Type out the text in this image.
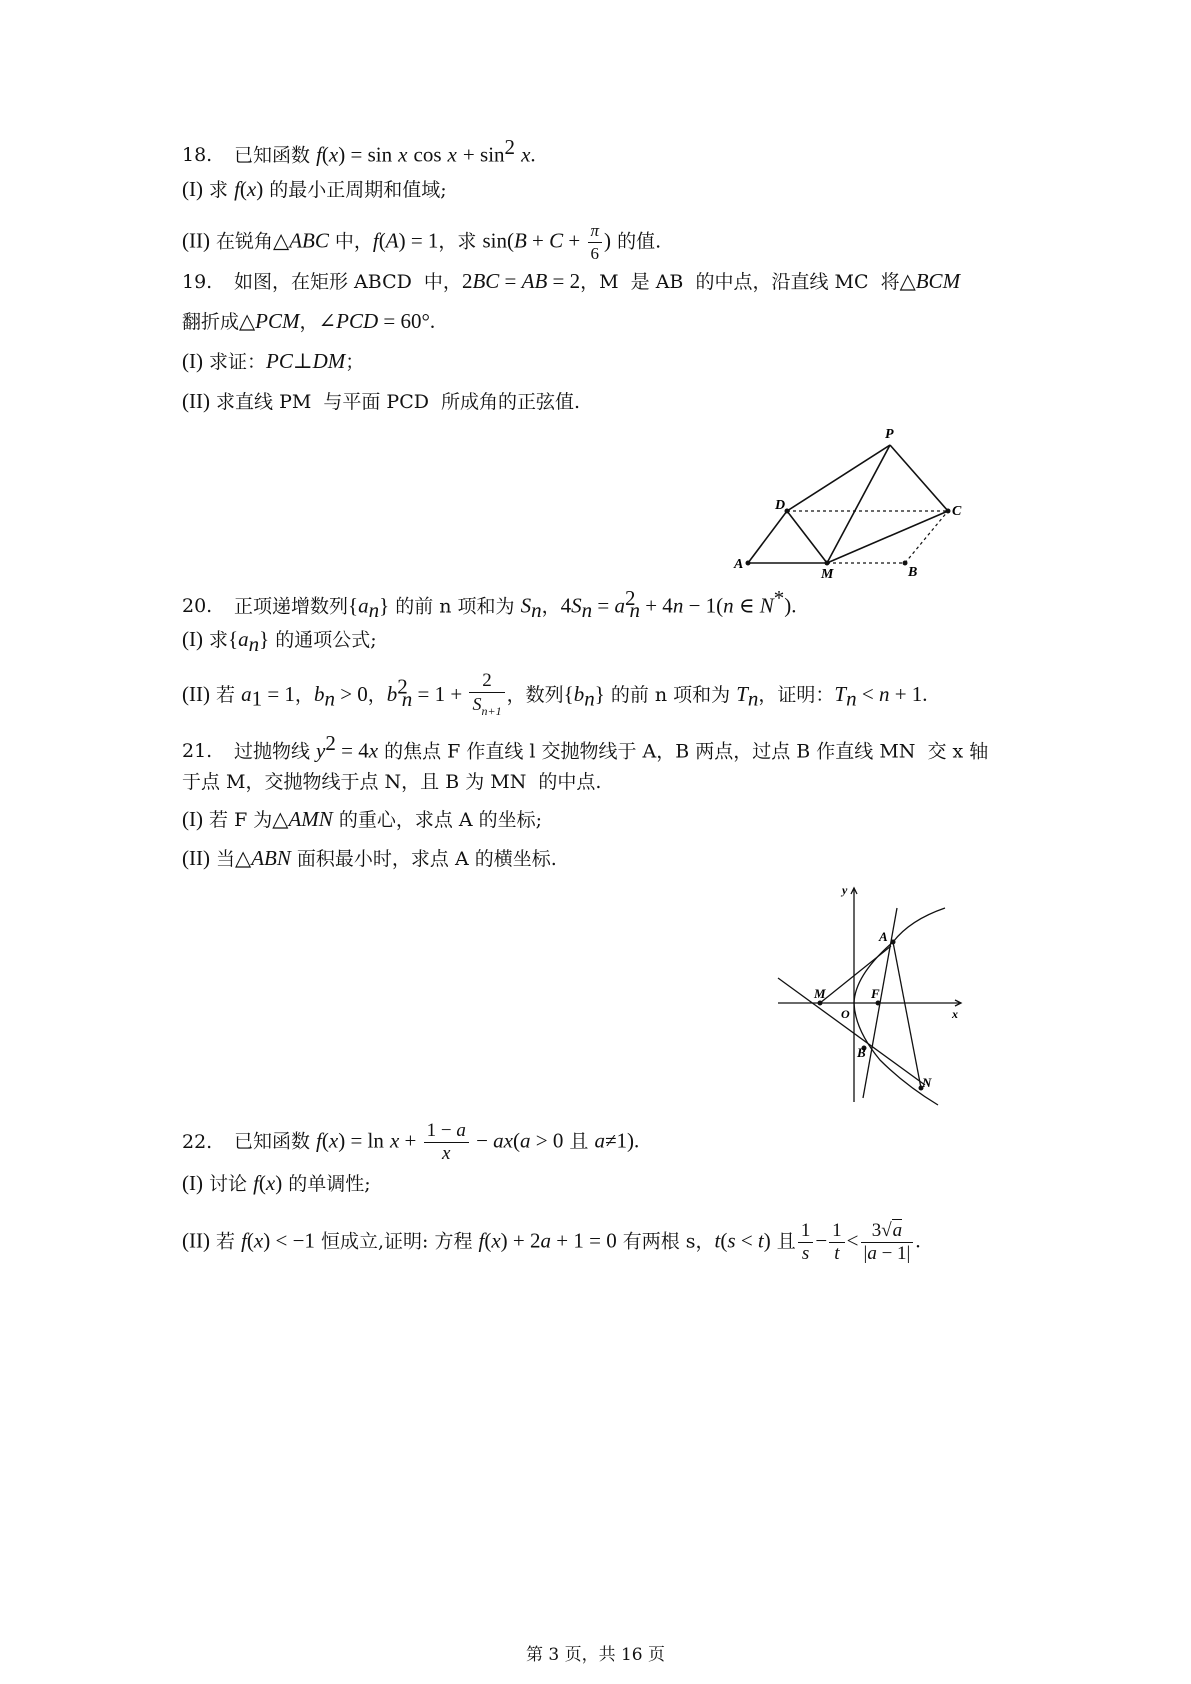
18. 已知函数 f(x) = sin x $\cos x + \sin^2 x$.
(I) 求 f(x) 的最小正周期和值域;
(II) 在锐角△ABC 中，f(A) = 1，求 $\sin(B + C + \frac{\pi}{6}$ ) 的值.
19. 如图，在矩形 ABCD  中，2BC = AB = 2，M  是 AB  的中点，沿直线 MC  将△BCM
翻折成△PCM，∠PCD = 60°.
(I) 求证：PC⊥DM；
(II) 求直线 PM  与平面 PCD  所成角的正弦值.
P
D	C
A
M	B
20. 正项递增数列$\{a_n\}$ 的前 n 项和为 $S_n$，$4S_n = a^2_n + 4n - 1(n$ ∈ N*).
(I) 求$\{a_n\}$ 的通项公式;
(II) 若 $a_1 = 1$，$b_n > 0$，$b^2_n = 1 + \frac{2}{S_{n+1}}$ ，数列$\{b_n\}$ 的前 n 项和为 $T_n$，证明：$T_n < n + 1$.
21. 过抛物线 $y^2 = 4x$ 的焦点 F 作直线 l 交抛物线于 A，B 两点，过点 B 作直线 MN  交 x 轴
于点 M，交抛物线于点 N，且 B 为 MN  的中点.
(I) 若 F 为△AMN 的重心，求点 A 的坐标;
(II) 当△ABN 面积最小时，求点 A 的横坐标.
y
A
M
O
F
x
B
N
22. 已知函数 $f(x) = \ln x + \frac{1 - a}{x} - ax(a > 0$ 且 a≠1).
(I) 讨论 f(x) 的单调性;
(II) 若 f(x) < −1 恒成立,证明: 方程 f(x) + 2a + 1 = 0 有两根 s，t(s < t) 且 $\frac{1}{s} - \frac{1}{t} < \frac{3√a}{|a - 1|}$ .
第 3 页，共 16 页
